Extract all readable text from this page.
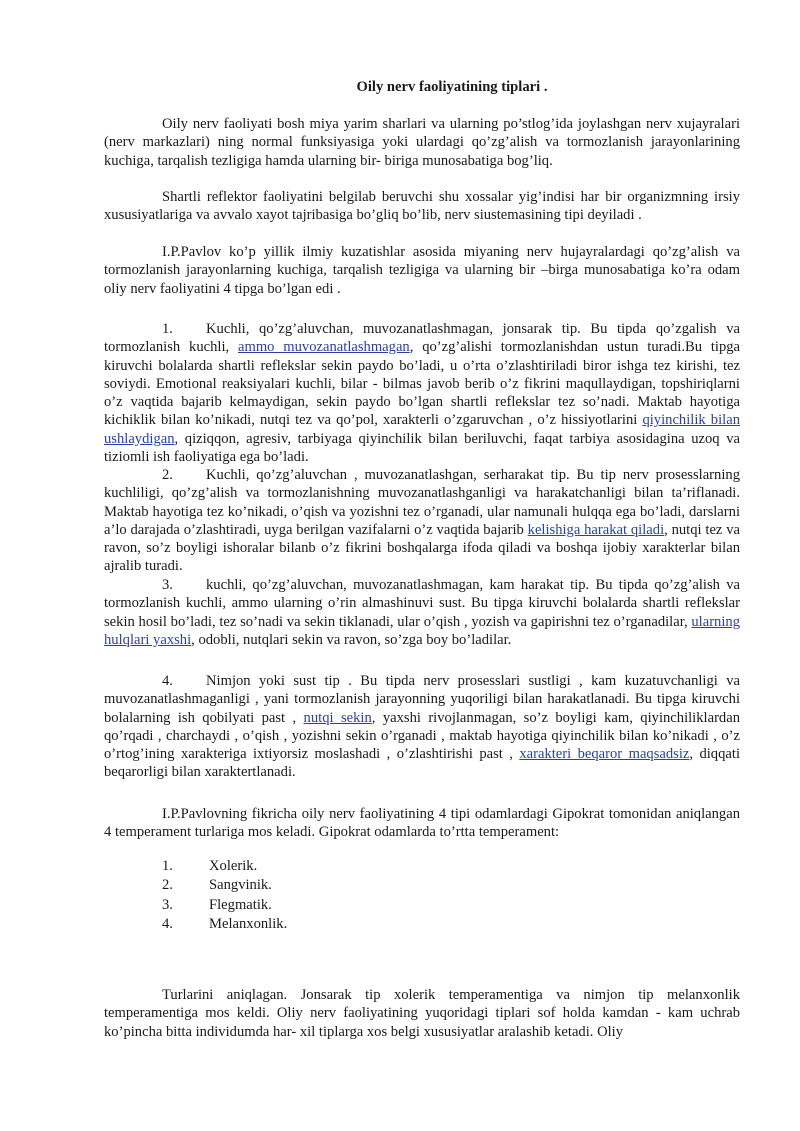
Oily nerv faoliyatining tiplari .

Oily nerv faoliyati bosh miya yarim sharlari va ularning po’stlog’ida joylashgan nerv xujayralari (nerv markazlari) ning normal funksiyasiga yoki ulardagi qo’zg’alish va tormozlanish jarayonlarining kuchiga, tarqalish tezligiga hamda ularning bir- biriga munosabatiga bog’liq.

Shartli reflektor faoliyatini belgilab beruvchi shu xossalar yig’indisi har bir organizmning irsiy xususiyatlariga va avvalo xayot tajribasiga bo’gliq bo’lib, nerv siustemasining tipi deyiladi .

I.P.Pavlov ko’p yillik ilmiy kuzatishlar asosida miyaning nerv hujayralardagi qo’zg’alish va tormozlanish jarayonlarning kuchiga, tarqalish tezligiga va ularning bir –birga munosabatiga ko’ra odam oliy nerv faoliyatini 4 tipga bo’lgan edi .

1. Kuchli, qo’zg’aluvchan, muvozanatlashmagan, jonsarak tip. Bu tipda qo’zgalish va tormozlanish kuchli, ammo muvozanatlashmagan, qo’zg’alishi tormozlanishdan ustun turadi.Bu tipga kiruvchi bolalarda shartli reflekslar sekin paydo bo’ladi, u o’rta o’zlashtiriladi biror ishga tez kirishi, tez soviydi. Emotional reaksiyalari kuchli, bilar - bilmas javob berib o’z fikrini maqullaydigan, topshiriqlarni o’z vaqtida bajarib kelmaydigan, sekin paydo bo’lgan shartli reflekslar tez so’nadi. Maktab hayotiga kichiklik bilan ko’nikadi, nutqi tez va qo’pol, xarakterli o’zgaruvchan , o’z hissiyotlarini qiyinchilik bilan ushlaydigan, qiziqqon, agresiv, tarbiyaga qiyinchilik bilan beriluvchi, faqat tarbiya asosidagina uzoq va tiziomli ish faoliyatiga ega bo’ladi.

2. Kuchli, qo’zg’aluvchan , muvozanatlashgan, serharakat tip. Bu tip nerv prosesslarning kuchliligi, qo’zg’alish va tormozlanishning muvozanatlashganligi va harakatchanligi bilan ta’riflanadi. Maktab hayotiga tez ko’nikadi, o’qish va yozishni tez o’rganadi, ular namunali hulqqa ega bo’ladi, darslarni a’lo darajada o’zlashtiradi, uyga berilgan vazifalarni o’z vaqtida bajarib kelishiga harakat qiladi, nutqi tez va ravon, so’z boyligi ishoralar bilanb o’z fikrini boshqalarga ifoda qiladi va boshqa ijobiy xarakterlar bilan ajralib turadi.

3. kuchli, qo’zg’aluvchan, muvozanatlashmagan, kam harakat tip. Bu tipda qo’zg’alish va tormozlanish kuchli, ammo ularning o’rin almashinuvi sust. Bu tipga kiruvchi bolalarda shartli reflekslar sekin hosil bo’ladi, tez so’nadi va sekin tiklanadi, ular o’qish , yozish va gapirishni tez o’rganadilar, ularning hulqlari yaxshi, odobli, nutqlari sekin va ravon, so’zga boy bo’ladilar.

4. Nimjon yoki sust tip . Bu tipda nerv prosesslari sustligi , kam kuzatuvchanligi va muvozanatlashmaganligi , yani tormozlanish jarayonning yuqoriligi bilan harakatlanadi. Bu tipga kiruvchi bolalarning ish qobilyati past , nutqi sekin, yaxshi rivojlanmagan, so’z boyligi kam, qiyinchiliklardan qo’rqadi , charchaydi , o’qish , yozishni sekin o’rganadi , maktab hayotiga qiyinchilik bilan ko’nikadi , o’z o’rtog’ining xarakteriga ixtiyorsiz moslashadi , o’zlashtirishi past , xarakteri beqaror maqsadsiz, diqqati beqarorligi bilan xaraktertlanadi.

I.P.Pavlovning fikricha oily nerv faoliyatining 4 tipi odamlardagi Gipokrat tomonidan aniqlangan 4 temperament turlariga mos keladi. Gipokrat odamlarda to’rtta temperament:

1. Xolerik.
2. Sangvinik.
3. Flegmatik.
4. Melanxonlik.

Turlarini aniqlagan. Jonsarak tip xolerik temperamentiga va nimjon tip melanxonlik temperamentiga mos keldi. Oliy nerv faoliyatining yuqoridagi tiplari sof holda kamdan - kam uchrab ko’pincha bitta individumda har- xil tiplarga xos belgi xususiyatlar aralashib ketadi. Oliy
